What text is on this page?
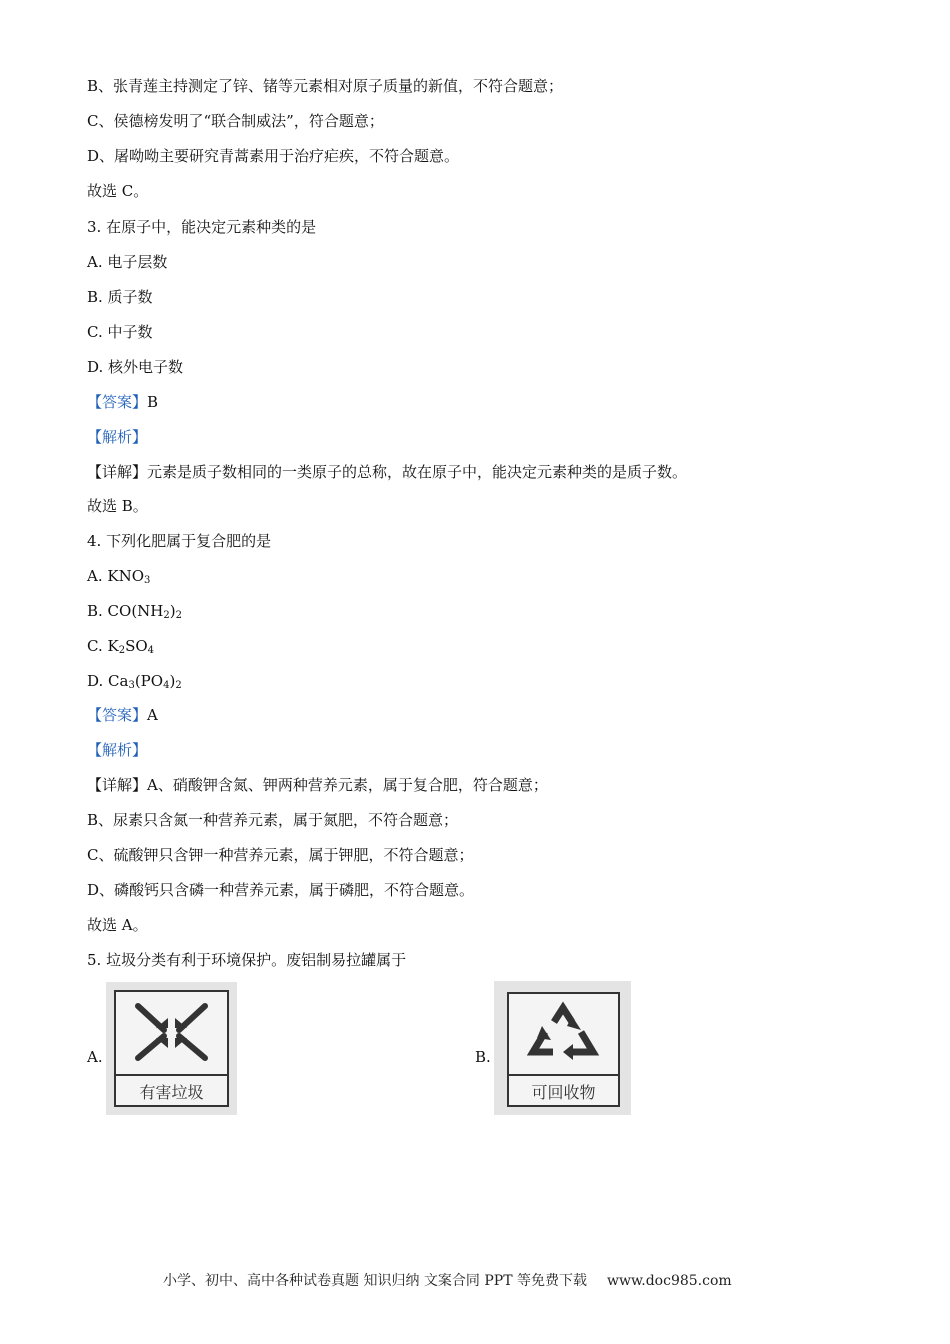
B、张青莲主持测定了锌、锗等元素相对原子质量的新值，不符合题意；
C、侯德榜发明了“联合制威法”，符合题意；
D、屠呦呦主要研究青蒿素用于治疗疟疾，不符合题意。
故选 C。
3. 在原子中，能决定元素种类的是
A. 电子层数
B. 质子数
C. 中子数
D. 核外电子数
【答案】B
【解析】
【详解】元素是质子数相同的一类原子的总称，故在原子中，能决定元素种类的是质子数。
故选 B。
4. 下列化肥属于复合肥的是
A. $KNO_3$
B. $CO(NH_2)_2$
C. $K_2SO_4$
D. $Ca_3(PO_4)_2$
【答案】A
【解析】
【详解】A、硝酸钾含氮、钾两种营养元素，属于复合肥，符合题意；
B、尿素只含氮一种营养元素，属于氮肥，不符合题意；
C、硫酸钾只含钾一种营养元素，属于钾肥，不符合题意；
D、磷酸钙只含磷一种营养元素，属于磷肥，不符合题意。
故选 A。
5. 垃圾分类有利于环境保护。废铝制易拉罐属于
A.
有害垃圾
B.
可回收物
小学、初中、高中各种试卷真题 知识归纳 文案合同 PPT 等免费下载 www.doc985.com
